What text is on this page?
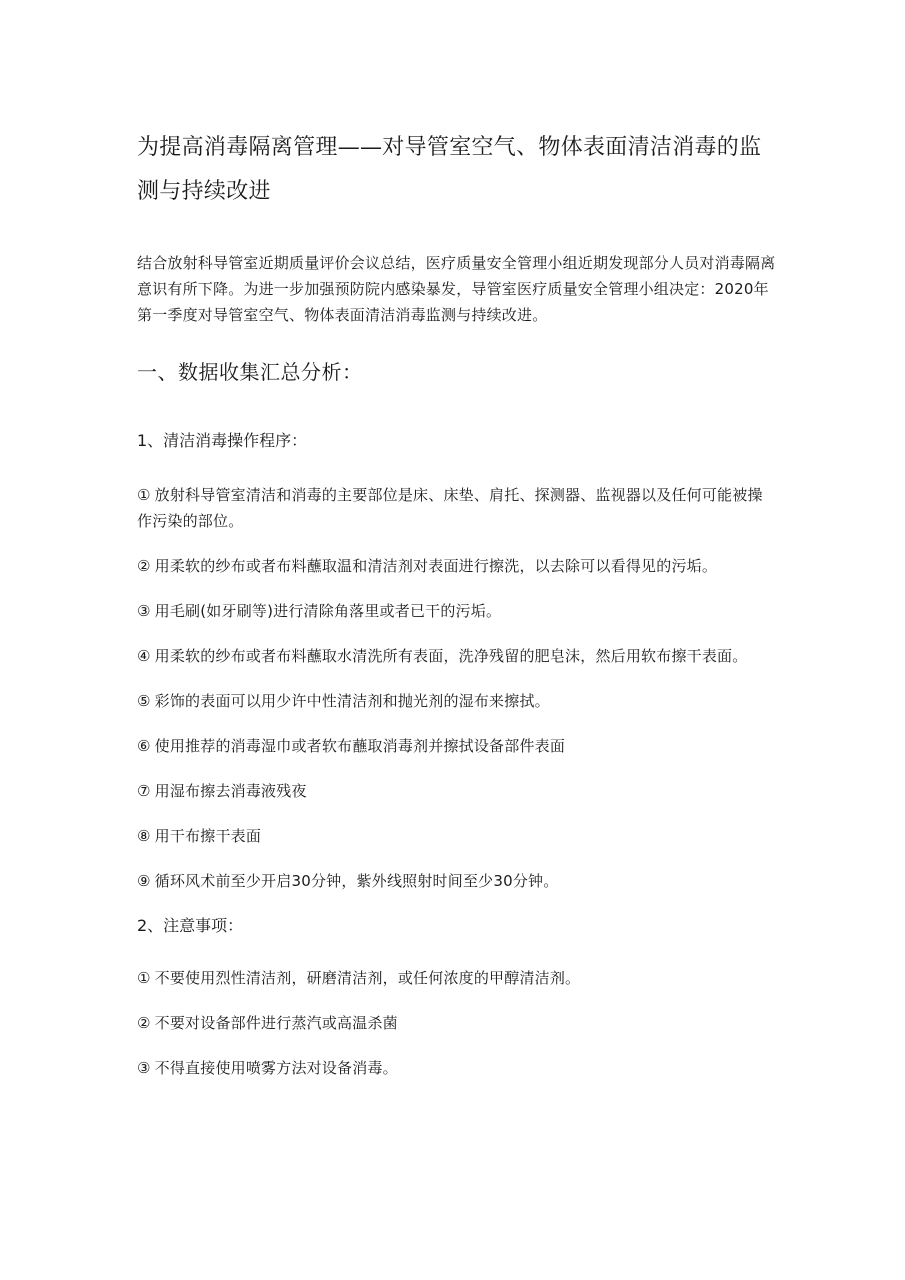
为提高消毒隔离管理——对导管室空气、物体表面清洁消毒的监测与持续改进

结合放射科导管室近期质量评价会议总结，医疗质量安全管理小组近期发现部分人员对消毒隔离意识有所下降。为进一步加强预防院内感染暴发，导管室医疗质量安全管理小组决定：2020年第一季度对导管室空气、物体表面清洁消毒监测与持续改进。

一、数据收集汇总分析：
1、清洁消毒操作程序：
① 放射科导管室清洁和消毒的主要部位是床、床垫、肩托、探测器、监视器以及任何可能被操作污染的部位。
② 用柔软的纱布或者布料蘸取温和清洁剂对表面进行擦洗，以去除可以看得见的污垢。
③ 用毛刷(如牙刷等)进行清除角落里或者已干的污垢。
④ 用柔软的纱布或者布料蘸取水清洗所有表面，洗净残留的肥皂沫，然后用软布擦干表面。
⑤ 彩饰的表面可以用少许中性清洁剂和抛光剂的湿布来擦拭。
⑥ 使用推荐的消毒湿巾或者软布蘸取消毒剂并擦拭设备部件表面
⑦ 用湿布擦去消毒液残夜
⑧ 用干布擦干表面
⑨ 循环风术前至少开启30分钟，紫外线照射时间至少30分钟。
2、注意事项：
① 不要使用烈性清洁剂，研磨清洁剂，或任何浓度的甲醇清洁剂。
② 不要对设备部件进行蒸汽或高温杀菌
③ 不得直接使用喷雾方法对设备消毒。
